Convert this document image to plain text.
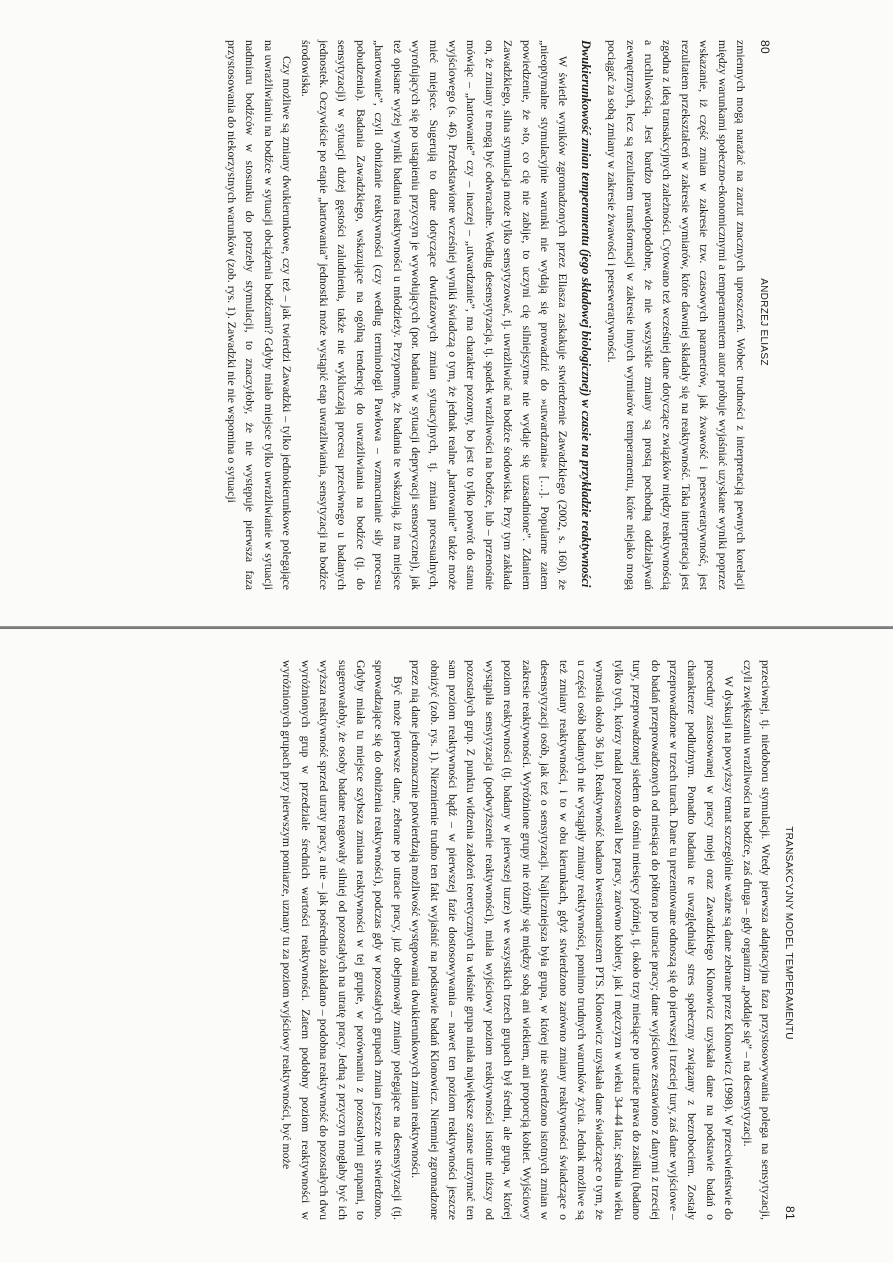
80
ANDRZEJ ELIASZ

zmiennych mogą narażać na zarzut znacznych uproszczeń. Wobec trudności z interpretacją pewnych korelacji między warunkami społeczno-ekonomicznymi a temperamentem autor próbuje wyjaśniać uzyskane wyniki poprzez wskazanie, iż część zmian w zakresie tzw. czasowych parametrów, jak żwawość i perseweratywność, jest rezultatem przekształceń w zakresie wymiarów, które dawniej składały się na reaktywność. Taka interpretacja jest zgodna z ideą transakcyjnych zależności. Cytowano też wcześniej dane dotyczące związków między reaktywnością a ruchliwością. Jest bardzo prawdopodobne, że nie wszystkie zmiany są prostą pochodną oddziaływań zewnętrznych, lecz są rezultatem transformacji w zakresie innych wymiarów temperamentu, które niejako mogą pociągać za sobą zmiany w zakresie żwawości i perseweratywności.

Dwukierunkowość zmian temperamentu (jego składowej biologicznej) w czasie na przykładzie reaktywności

W świetle wyników zgromadzonych przez Eliasza zaskakuje stwierdzenie Zawadzkiego (2002, s. 160), że „nieoptymalne stymulacyjnie warunki nie wydają się prowadzić do »utwardzania« […]. Popularne zatem powiedzenie, że »to, co cię nie zabije, to uczyni cię silniejszym« nie wydaje się uzasadnione”. Zdaniem Zawadzkiego, silna stymulacja może tylko sensytyzować, tj. uwrażliwiać na bodźce środowiska. Przy tym zakłada on, że zmiany te mogą być odwracalne. Według desensytyzacja, tj. spadek wrażliwości na bodźce, lub – przenośnie mówiąc – „hartowanie” czy – inaczej – „utwardzanie”, ma charakter pozorny, bo jest to tylko powrót do stanu wyjściowego (s. 46). Przedstawione wcześniej wyniki świadczą o tym, że jednak realne „hartowanie” także może mieć miejsce. Sugerują to dane dotyczące dwufazowych zmian sytuacyjnych, tj. zmian procesualnych, wyrofujących się po ustąpieniu przyczyn je wywołujących (por. badania w sytuacji deprywacji sensorycznej), jak też opisane wyżej wyniki badania reaktywności u młodzieży. Przypomnę, że badania te wskazują, iż ma miejsce „hartowanie”, czyli obniżanie reaktywności (czy według terminologii Pawłowa – wzmacnianie siły procesu pobudzenia). Badania Zawadzkiego, wskazujące na ogólną tendencję do uwrażliwiania na bodźce (tj. do sensytyzacji) w sytuacji dużej gęstości zaludnienia, także nie wykluczają procesu przeciwnego u badanych jednostek. Oczywiście po etapie „hartowania” jednostki może wystąpić etap uwrażliwiania, sensytyzacji na bodźce środowiska.

Czy możliwe są zmiany dwukierunkowe, czy też – jak twierdzi Zawadzki – tylko jednokierunkowe polegające na uwrażliwianiu na bodźce w sytuacji obciążenia bodźcami? Gdyby miało miejsce tylko uwrażliwianie w sytuacji nadmiaru bodźców w stosunku do potrzeby stymulacji, to znaczyłoby, że nie występuje pierwsza faza przystosowania do niekorzystnych warunków (zob. rys. 1). Zawadzki nie nie wspomina o sytuacji

TRANSAKCYJNY MODEL TEMPERAMENTU
81

przeciwnej, tj. niedoboru stymulacji. Wtedy pierwsza adaptacyjna faza przystosowywania polega na sensytyzacji, czyli zwiększaniu wrażliwości na bodźce, zaś druga – gdy organizm „poddaje się” – na desensytyzacji.

W dyskusji na powyższy temat szczególnie ważne są dane zebrane przez Klonowicz (1998). W przeciwieństwie do procedury zastosowanej w pracy mojej oraz Zawadzkiego Klonowicz uzyskała dane na podstawie badań o charakterze podłużnym. Ponadto badania te uwzględniały stres społeczny związany z bezrobociem. Zostały przeprowadzone w trzech turach. Dane tu prezentowane odnoszą się do pierwszej i trzeciej tury, zaś dane wyjściowe – do badań przeprowadzonych od miesiąca do półtora po utracie pracy; dane wyjściowe zestawiono z danymi z trzeciej tury, przeprowadzonej siedem do ośmiu miesięcy później, tj. około trzy miesiące po utracie prawa do zasiłku (badano tylko tych, którzy nadal pozostawali bez pracy, zarówno kobiety, jak i mężczyzn w wieku 34–44 lata; średnia wieku wynosiła około 36 lat). Reaktywność badano kwestionariuszem PTS. Klonowicz uzyskała dane świadczące o tym, że u części osób badanych nie wystąpiły zmiany reaktywności, pomimo trudnych warunków życia. Jednak możliwe są też zmiany reaktywności, i to w obu kierunkach, gdyż stwierdzono zarówno zmiany reaktywności świadczące o desensytyzacji osób, jak też o sensytyzacji. Najliczniejsza była grupa, w której nie stwierdzono istotnych zmian w zakresie reaktywności. Wyróżnione grupy nie różniły się między sobą ani wiekiem, ani proporcją kobiet. Wyjściowy poziom reaktywności (tj. badany w pierwszej turze) we wszystkich trzech grupach był średni, ale grupa, w której wystąpiła sensytyzacja (podwyższenie reaktywności), miała wyjściowy poziom reaktywności istotnie niższy od pozostałych grup. Z punktu widzenia założeń teoretycznych ta właśnie grupa miała największe szanse utrzymać ten sam poziom reaktywności bądź – w pierwszej fazie dostosowywania – nawet ten poziom reaktywności jeszcze obniżyć (zob. rys. 1). Niezmiernie trudno ten fakt wyjaśnić na podstawie badań Klonowicz. Niemniej zgromadzone przez nią dane jednoznacznie potwierdzają możliwość występowania dwukierunkowych zmian reaktywności.

Być może pierwsze dane, zebrane po utracie pracy, już obejmowały zmiany polegające na desensytyzacji (tj. sprowadzające się do obniżenia reaktywności), podczas gdy w pozostałych grupach zmian jeszcze nie stwierdzono. Gdyby miała tu miejsce szybsza zmiana reaktywności w tej grupie, w porównaniu z pozostałymi grupami, to sugerowałoby, że osoby badane reagowały silniej od pozostałych na utratę pracy. Jedną z przyczyn mogłaby być ich wyższa reaktywność sprzed utraty pracy, a nie – jak pośrednio zakładano – podobna reaktywność do pozostałych dwu wyróżnionych grup w przedziale średnich wartości reaktywności. Zatem podobny poziom reaktywności w wyróżnionych grupach przy pierwszym pomiarze, uznany tu za poziom wyjściowy reaktywności, być może
